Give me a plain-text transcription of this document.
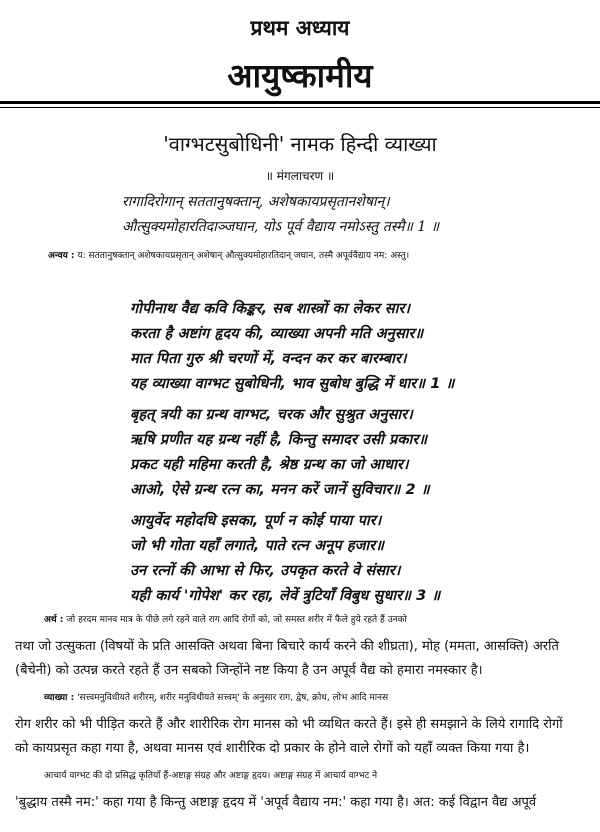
प्रथम अध्याय
आयुष्कामीय
'वाग्भटसुबोधिनी' नामक हिन्दी व्याख्या
॥ मंगलाचरण ॥
रागादिरोगान् सततानुषक्तान्, अशेषकायप्रसृतानशेषान्।
औत्सुक्यमोहारतिदाञ्जघान, योऽ पूर्व वैद्याय नमोऽस्तु तस्मै॥ 1 ॥
अन्वय : य: सततानुषक्तान् अशेषकायप्रसृतान् अशेषान् औत्सुक्यमोहारतिदान् जघान, तस्मै अपूर्ववैद्याय नम: अस्तु।
गोपीनाथ वैद्य कवि किङ्कर, सब शास्त्रों का लेकर सार।
करता है अष्टांग हृदय की, व्याख्या अपनी मति अनुसार॥
मात पिता गुरु श्री चरणों में, वन्दन कर कर बारम्बार।
यह व्याख्या वाग्भट सुबोधिनी, भाव सुबोध बुद्धि में धार॥ 1 ॥
बृहत् त्रयी का ग्रन्थ वाग्भट, चरक और सुश्रुत अनुसार।
ऋषि प्रणीत यह ग्रन्थ नहीं है, किन्तु समादर उसी प्रकार॥
प्रकट यही महिमा करती है, श्रेष्ठ ग्रन्थ का जो आधार।
आओ, ऐसे ग्रन्थ रत्न का, मनन करें जानें सुविचार॥ 2 ॥
आयुर्वेद महोदधि इसका, पूर्ण न कोई पाया पार।
जो भी गोता यहाँ लगाते, पाते रत्न अनूप हजार॥
उन रत्नों की आभा से फिर, उपकृत करते वे संसार।
यही कार्य 'गोपेश' कर रहा, लेवें त्रुटियाँ विबुध सुधार॥ 3 ॥
अर्थ : जो हरदम मानव मात्र के पीछे लगे रहने वाले राग आदि रोगों को, जो समस्त शरीर में फैले हुये रहते हैं उनको
तथा जो उत्सुकता (विषयों के प्रति आसक्ति अथवा बिना बिचारे कार्य करने की शीघ्रता), मोह (ममता, आसक्ति) अरति
(बैचेनी) को उत्पन्न करते रहते हैं उन सबको जिन्होंने नष्ट किया है उन अपूर्व वैद्य को हमारा नमस्कार है।
व्याख्या : 'सत्त्वमनुविधीयते शरीरम्, शरीर मनुविधीयते सत्त्वम्' के अनुसार राग, द्वेष, क्रोध, लोभ आदि मानस
रोग शरीर को भी पीड़ित करते हैं और शारीरिक रोग मानस को भी व्यथित करते हैं। इसे ही समझाने के लिये रागादि रोगों
को कायप्रसृत कहा गया है, अथवा मानस एवं शारीरिक दो प्रकार के होने वाले रोगों को यहाँ व्यक्त किया गया है।
आचार्य वाग्भट की दो प्रसिद्ध कृतियाँ हैं-अष्टाङ्ग संग्रह और अष्टाङ्ग हृदय। अष्टाङ्ग संग्रह में आचार्य वाग्भट ने
'बुद्धाय तस्मै नम:' कहा गया है किन्तु अष्टाङ्ग हृदय में 'अपूर्व वैद्याय नम:' कहा गया है। अत: कई विद्वान वैद्य अपूर्व
